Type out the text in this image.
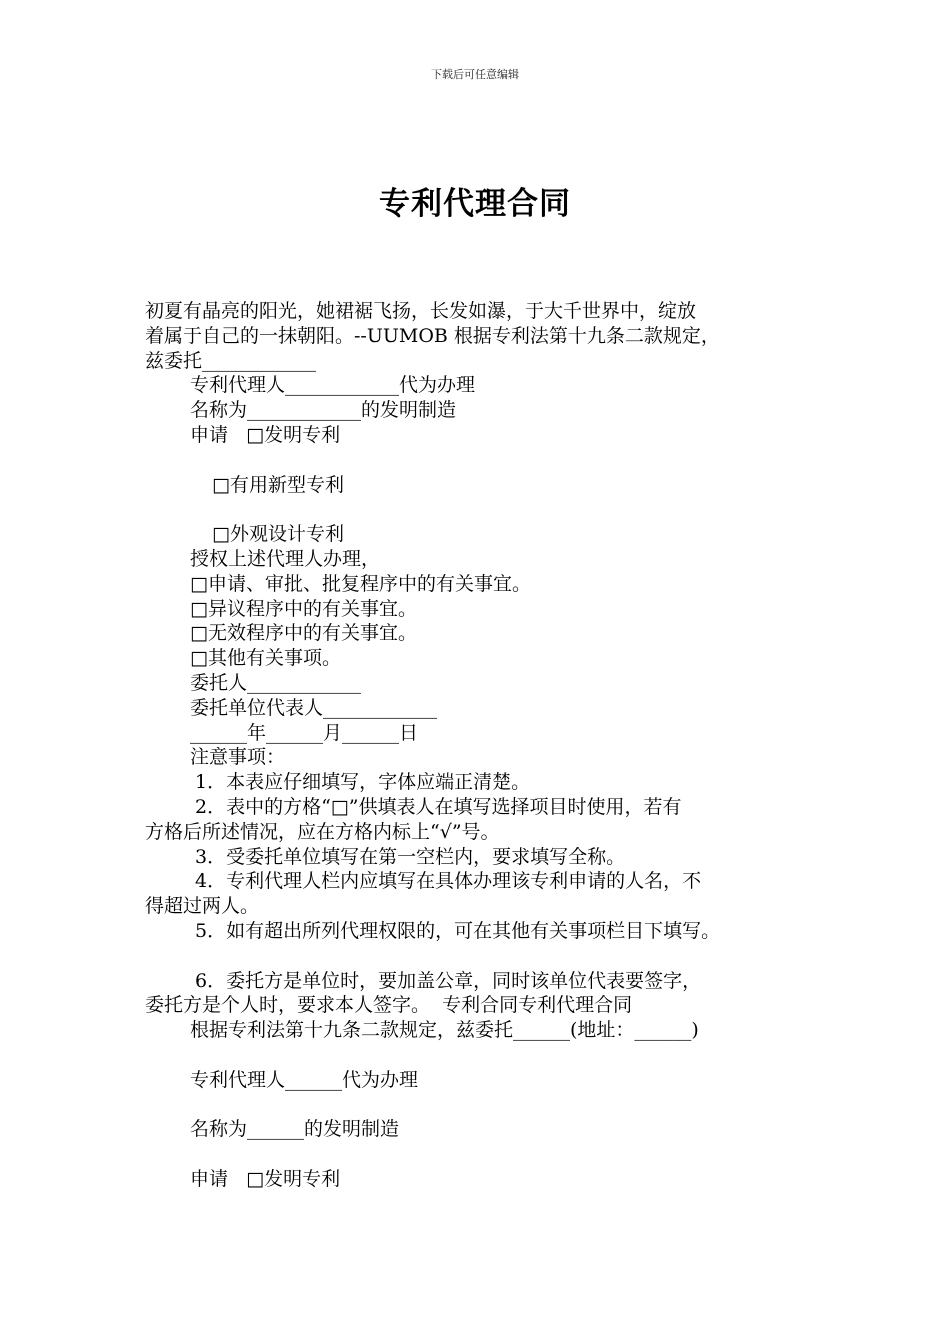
下载后可任意编辑
专利代理合同
初夏有晶亮的阳光，她裙裾飞扬，长发如瀑，于大千世界中，绽放
着属于自己的一抹朝阳。--UUMOB 根据专利法第十九条二款规定，
兹委托____________
专利代理人____________代为办理
名称为____________的发明制造
申请   □发明专利
□有用新型专利
□外观设计专利
授权上述代理人办理，
□申请、审批、批复程序中的有关事宜。
□异议程序中的有关事宜。
□无效程序中的有关事宜。
□其他有关事项。
委托人____________
委托单位代表人____________
______年______月______日
注意事项：
1．本表应仔细填写，字体应端正清楚。
2．表中的方格“□”供填表人在填写选择项目时使用，若有
方格后所述情况，应在方格内标上“√”号。
3．受委托单位填写在第一空栏内，要求填写全称。
4．专利代理人栏内应填写在具体办理该专利申请的人名，不
得超过两人。
5．如有超出所列代理权限的，可在其他有关事项栏目下填写。
6．委托方是单位时，要加盖公章，同时该单位代表要签字，
委托方是个人时，要求本人签字。  专利合同专利代理合同
根据专利法第十九条二款规定，兹委托______(地址：______)
专利代理人______代为办理
名称为______的发明制造
申请   □发明专利
